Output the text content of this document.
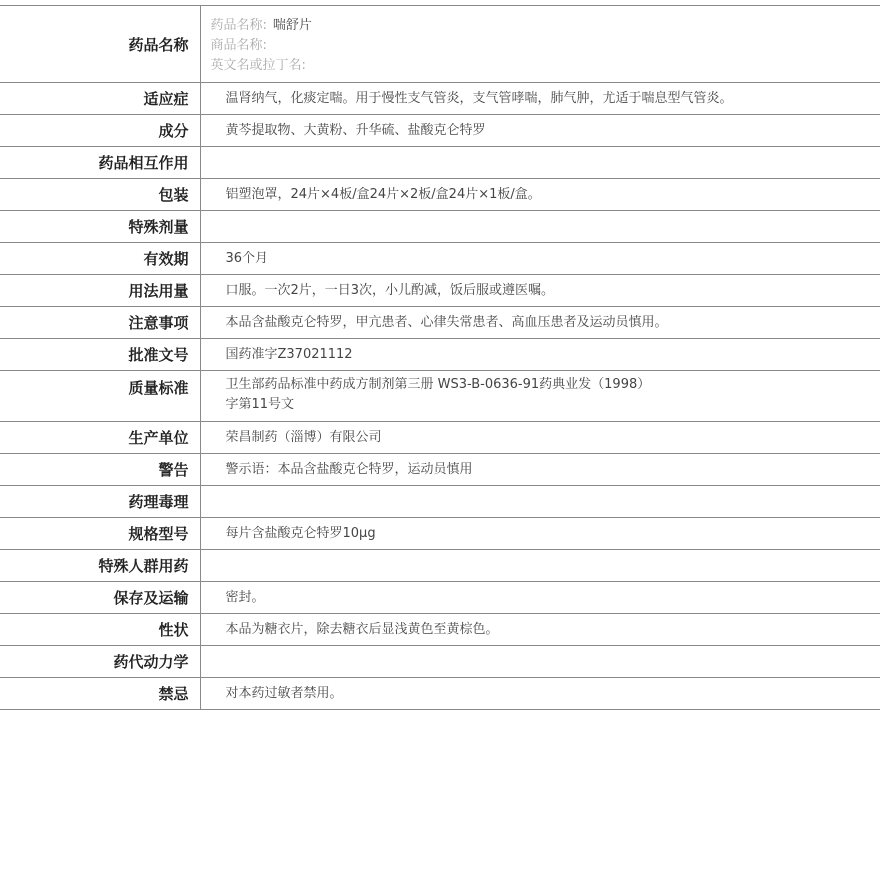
药品名称	药品名称: 喘舒片
商品名称:
英文名或拉丁名:

适应症	温肾纳气，化痰定喘。用于慢性支气管炎，支气管哮喘，肺气肿，尤适于喘息型气管炎。
成分	黄芩提取物、大黄粉、升华硫、盐酸克仑特罗
药品相互作用	
包装	铝塑泡罩，24片×4板/盒24片×2板/盒24片×1板/盒。
特殊剂量	
有效期	36个月
用法用量	口服。一次2片，一日3次，小儿酌减，饭后服或遵医嘱。
注意事项	本品含盐酸克仑特罗，甲亢患者、心律失常患者、高血压患者及运动员慎用。
批准文号	国药准字Z37021112
质量标准	卫生部药品标准中药成方制剂第三册 WS3-B-0636-91药典业发（1998）
字第11号文

生产单位	荣昌制药（淄博）有限公司
警告	警示语：本品含盐酸克仑特罗，运动员慎用
药理毒理	
规格型号	每片含盐酸克仑特罗10μg
特殊人群用药	
保存及运输	密封。
性状	本品为糖衣片，除去糖衣后显浅黄色至黄棕色。
药代动力学	
禁忌	对本药过敏者禁用。
